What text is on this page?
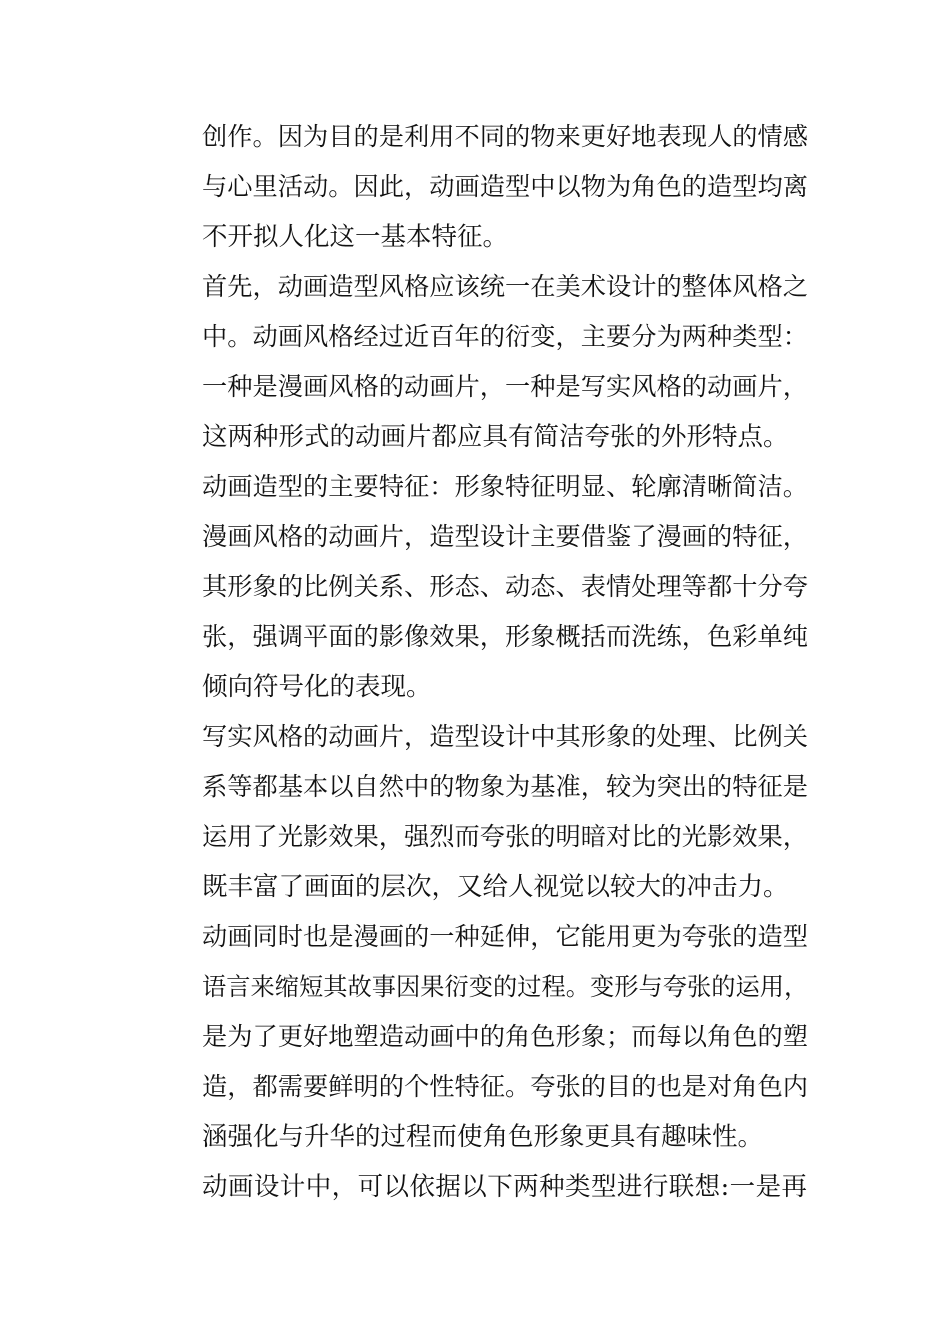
创作。因为目的是利用不同的物来更好地表现人的情感
与心里活动。因此，动画造型中以物为角色的造型均离
不开拟人化这一基本特征。
首先，动画造型风格应该统一在美术设计的整体风格之
中。动画风格经过近百年的衍变，主要分为两种类型：
一种是漫画风格的动画片，一种是写实风格的动画片，
这两种形式的动画片都应具有简洁夸张的外形特点。
动画造型的主要特征：形象特征明显、轮廓清晰简洁。
漫画风格的动画片，造型设计主要借鉴了漫画的特征，
其形象的比例关系、形态、动态、表情处理等都十分夸
张，强调平面的影像效果，形象概括而洗练，色彩单纯
倾向符号化的表现。
写实风格的动画片，造型设计中其形象的处理、比例关
系等都基本以自然中的物象为基准，较为突出的特征是
运用了光影效果，强烈而夸张的明暗对比的光影效果，
既丰富了画面的层次，又给人视觉以较大的冲击力。
动画同时也是漫画的一种延伸，它能用更为夸张的造型
语言来缩短其故事因果衍变的过程。变形与夸张的运用，
是为了更好地塑造动画中的角色形象；而每以角色的塑
造，都需要鲜明的个性特征。夸张的目的也是对角色内
涵强化与升华的过程而使角色形象更具有趣味性。
动画设计中，可以依据以下两种类型进行联想:一是再
